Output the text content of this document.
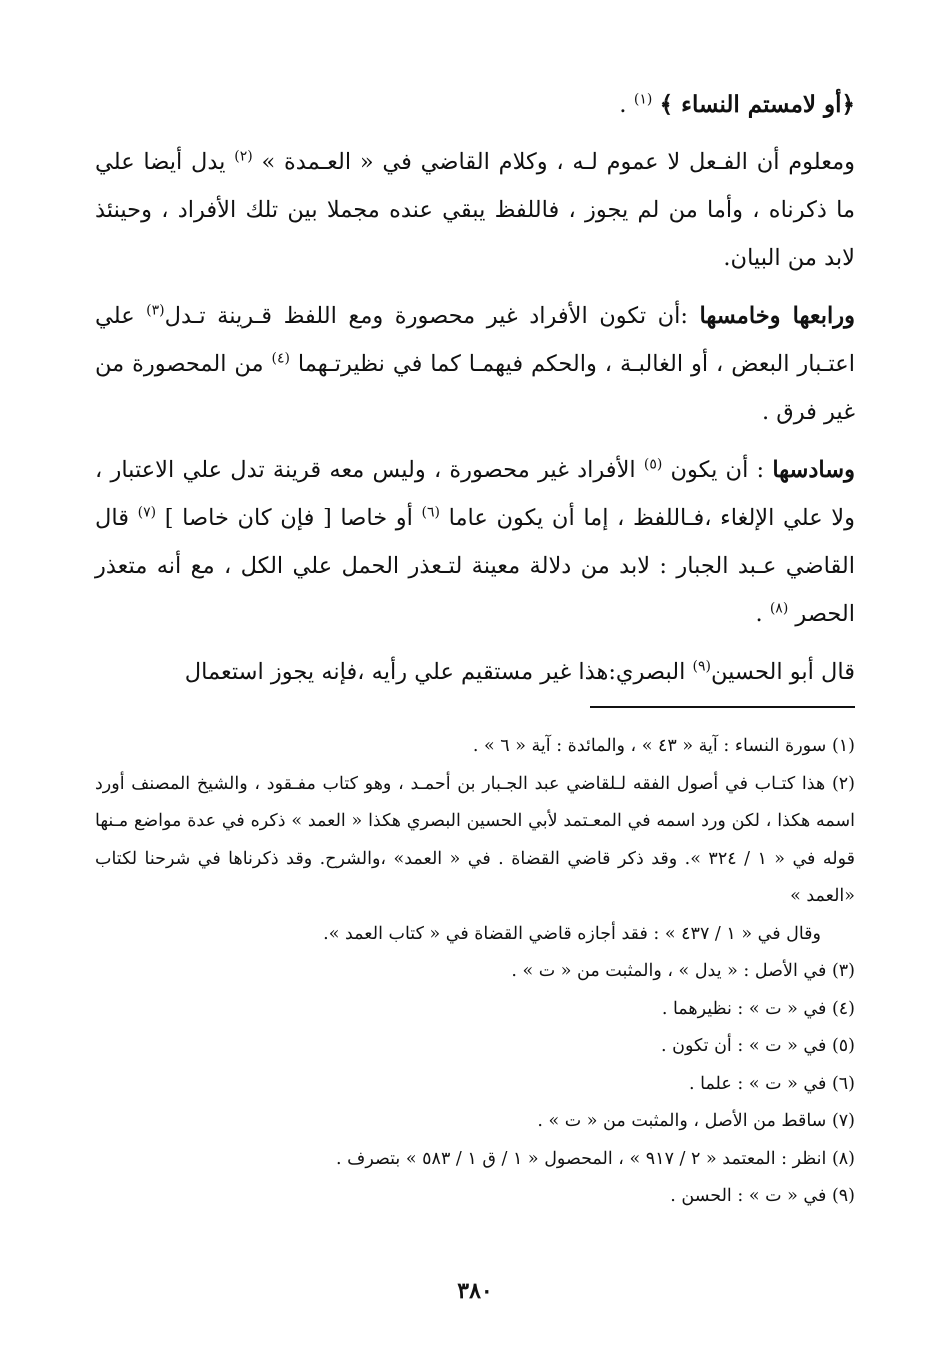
﴿أو لامستم النساء ﴾ $^{(١)}$ .

ومعلوم أن الفـعل لا عموم لـه ، وكلام القاضي في « العـمدة » $^{(٢)}$ يدل أيضا علي ما ذكرناه ، وأما من لم يجوز ، فاللفظ يبقي عنده مجملا بين تلك الأفراد ، وحينئذ لابد من البيان.

ورابعها وخامسها :أن تكون الأفراد غير محصورة ومع اللفظ قـرينة تـدل$^{(٣)}$ علي اعتـبار البعض ، أو الغالبـة ، والحكم فيهمـا كما في نظيرتـهما $^{(٤)}$ من المحصورة من غير فرق .

وسادسها : أن يكون $^{(٥)}$ الأفراد غير محصورة ، وليس معه قرينة تدل علي الاعتبار ، ولا علي الإلغاء ،فـاللفظ ، إما أن يكون عاما $^{(٦)}$ أو خاصا [ فإن كان خاصا ] $^{(٧)}$ قال القاضي عـبد الجبار : لابد من دلالة معينة لتـعذر الحمل علي الكل ، مع أنه متعذر الحصر $^{(٨)}$ .

قال أبو الحسين$^{(٩)}$ البصري:هذا غير مستقيم علي رأيه ،فإنه يجوز استعمال

(١) سورة النساء : آية « ٤٣ » ، والمائدة : آية « ٦ » .

(٢) هذا كتـاب في أصول الفقه لـلقاضي عبد الجـبار بن أحمـد ، وهو كتاب مفـقود ، والشيخ المصنف أورد اسمه هكذا ، لكن ورد اسمه في المعـتمد لأبي الحسين البصري هكذا « العمد » ذكره في عدة مواضع مـنها قوله في « ١ / ٣٢٤ ». وقد ذكر قاضي القضاة . في « العمد» ،والشرح. وقد ذكرناها في شرحنا لكتاب «العمد »

وقال في « ١ / ٤٣٧ » : فقد أجازه قاضي القضاة في « كتاب العمد ».

(٣) في الأصل : « يدل » ، والمثبت من « ت » .

(٤) في « ت » : نظيرهما .

(٥) في « ت » : أن تكون .

(٦) في « ت » : علما .

(٧) ساقط من الأصل ، والمثبت من « ت » .

(٨) انظر : المعتمد « ٢ / ٩١٧ » ، المحصول « ١ / ق ١ / ٥٨٣ » بتصرف .

(٩) في « ت » : الحسن .

٣٨٠
